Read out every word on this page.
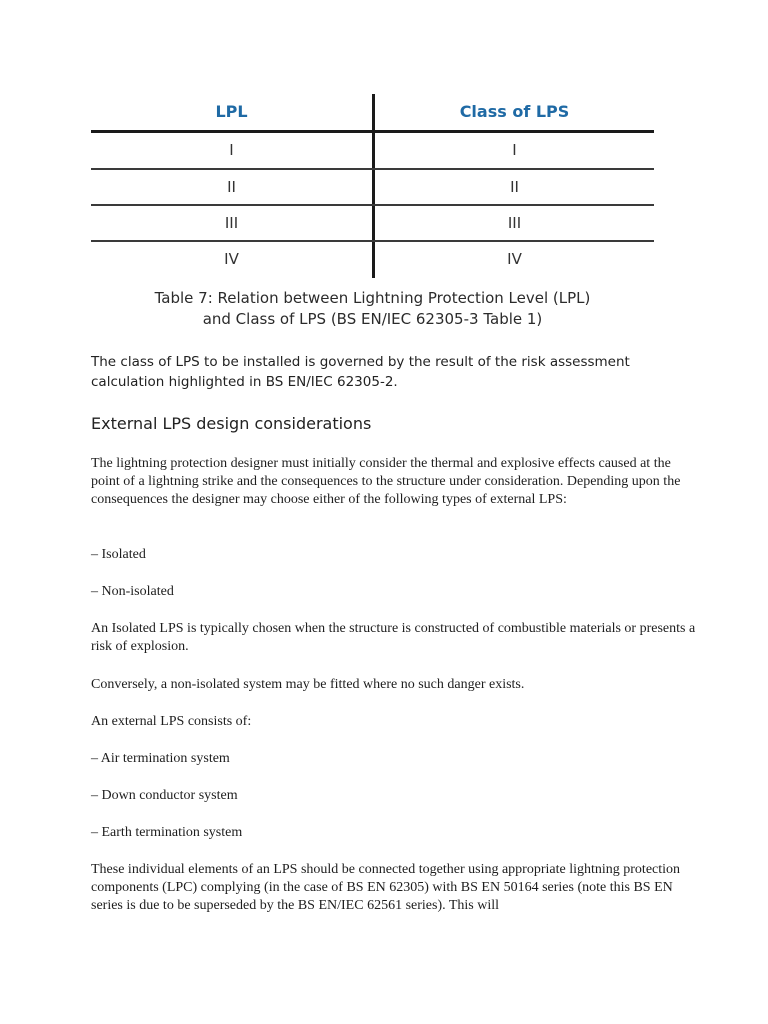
LPL	Class of LPS
I	I
II	II
III	III
IV	IV
Table 7: Relation between Lightning Protection Level (LPL)
and Class of LPS (BS EN/IEC 62305-3 Table 1)
The class of LPS to be installed is governed by the result of the risk assessment calculation highlighted in BS EN/IEC 62305-2.
External LPS design considerations

The lightning protection designer must initially consider the thermal and explosive effects caused at the point of a lightning strike and the consequences to the structure under consideration. Depending upon the consequences the designer may choose either of the following types of external LPS:

– Isolated

– Non-isolated

An Isolated LPS is typically chosen when the structure is constructed of combustible materials or presents a risk of explosion.

Conversely, a non-isolated system may be fitted where no such danger exists.

An external LPS consists of:

– Air termination system

– Down conductor system

– Earth termination system

These individual elements of an LPS should be connected together using appropriate lightning protection components (LPC) complying (in the case of BS EN 62305) with BS EN 50164 series (note this BS EN series is due to be superseded by the BS EN/IEC 62561 series). This will
